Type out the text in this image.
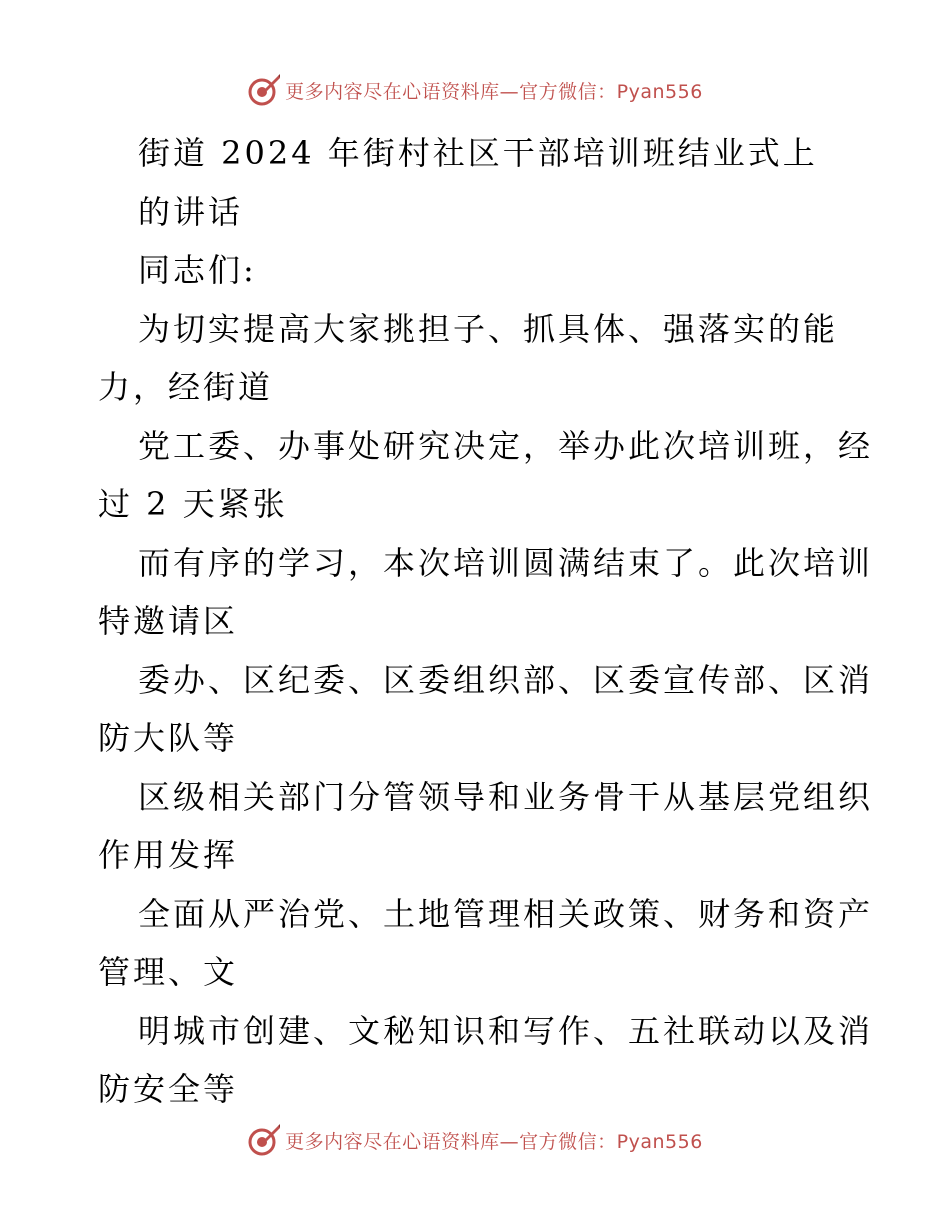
更多内容尽在心语资料库—官方微信：Pyan556
街道 2024 年街村社区干部培训班结业式上
的讲话
同志们:
为切实提高大家挑担子、抓具体、强落实的能
力，经街道
党工委、办事处研究决定，举办此次培训班，经
过 2 天紧张
而有序的学习，本次培训圆满结束了。此次培训
特邀请区
委办、区纪委、区委组织部、区委宣传部、区消
防大队等
区级相关部门分管领导和业务骨干从基层党组织
作用发挥
全面从严治党、土地管理相关政策、财务和资产
管理、文
明城市创建、文秘知识和写作、五社联动以及消
防安全等
更多内容尽在心语资料库—官方微信：Pyan556
